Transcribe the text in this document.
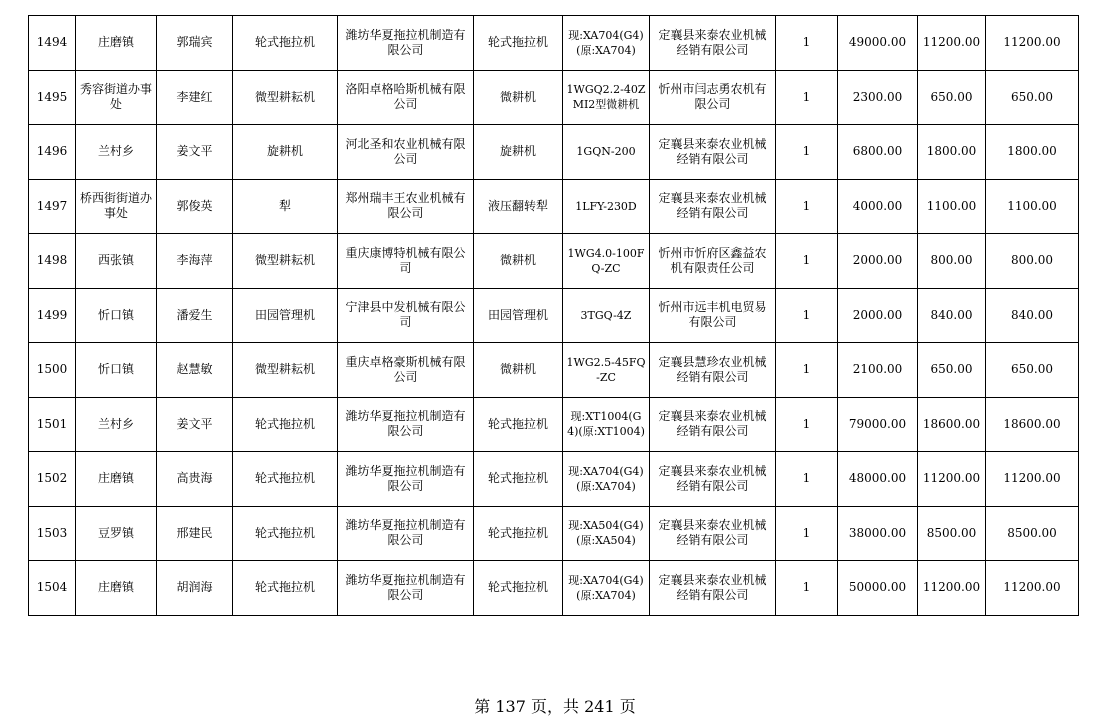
1494	庄磨镇	郭瑞宾	轮式拖拉机	潍坊华夏拖拉机制造有限公司	轮式拖拉机	现:XA704(G4)(原:XA704)	定襄县来泰农业机械经销有限公司	1	49000.00	11200.00	11200.00
1495	秀容街道办事处	李建红	微型耕耘机	洛阳卓格哈斯机械有限公司	微耕机	1WGQ2.2-40ZMI2型微耕机	忻州市闫志勇农机有限公司	1	2300.00	650.00	650.00
1496	兰村乡	姜文平	旋耕机	河北圣和农业机械有限公司	旋耕机	1GQN-200	定襄县来泰农业机械经销有限公司	1	6800.00	1800.00	1800.00
1497	桥西街街道办事处	郭俊英	犁	郑州瑞丰王农业机械有限公司	液压翻转犁	1LFY-230D	定襄县来泰农业机械经销有限公司	1	4000.00	1100.00	1100.00
1498	西张镇	李海萍	微型耕耘机	重庆康博特机械有限公司	微耕机	1WG4.0-100FQ-ZC	忻州市忻府区鑫益农机有限责任公司	1	2000.00	800.00	800.00
1499	忻口镇	潘爱生	田园管理机	宁津县中发机械有限公司	田园管理机	3TGQ-4Z	忻州市远丰机电贸易有限公司	1	2000.00	840.00	840.00
1500	忻口镇	赵慧敏	微型耕耘机	重庆卓格豪斯机械有限公司	微耕机	1WG2.5-45FQ-ZC	定襄县慧珍农业机械经销有限公司	1	2100.00	650.00	650.00
1501	兰村乡	姜文平	轮式拖拉机	潍坊华夏拖拉机制造有限公司	轮式拖拉机	现:XT1004(G4)(原:XT1004)	定襄县来泰农业机械经销有限公司	1	79000.00	18600.00	18600.00
1502	庄磨镇	高贵海	轮式拖拉机	潍坊华夏拖拉机制造有限公司	轮式拖拉机	现:XA704(G4)(原:XA704)	定襄县来泰农业机械经销有限公司	1	48000.00	11200.00	11200.00
1503	豆罗镇	邢建民	轮式拖拉机	潍坊华夏拖拉机制造有限公司	轮式拖拉机	现:XA504(G4)(原:XA504)	定襄县来泰农业机械经销有限公司	1	38000.00	8500.00	8500.00
1504	庄磨镇	胡润海	轮式拖拉机	潍坊华夏拖拉机制造有限公司	轮式拖拉机	现:XA704(G4)(原:XA704)	定襄县来泰农业机械经销有限公司	1	50000.00	11200.00	11200.00
第 137 页，共 241 页
